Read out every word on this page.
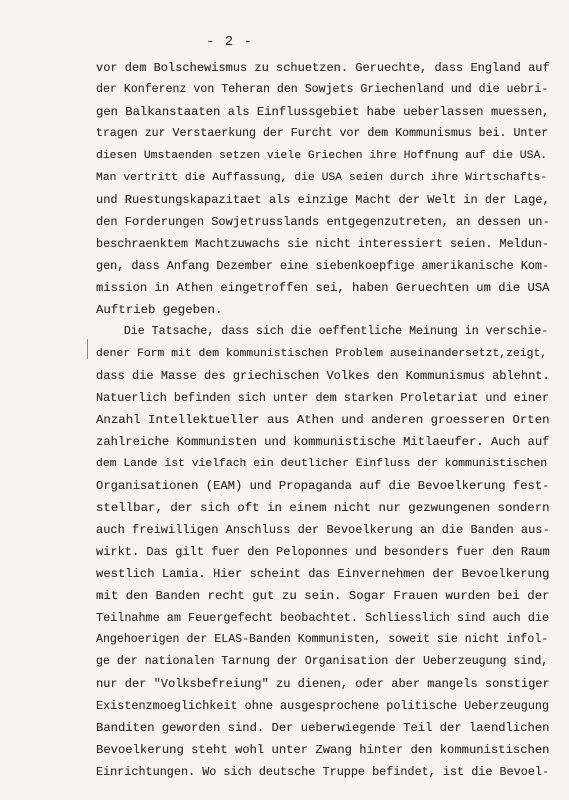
- 2 -
vor dem Bolschewismus zu schuetzen. Geruechte, dass England auf
der Konferenz von Teheran den Sowjets Griechenland und die uebri-
gen Balkanstaaten als Einflussgebiet habe ueberlassen muessen,
tragen zur Verstaerkung der Furcht vor dem Kommunismus bei. Unter
diesen Umstaenden setzen viele Griechen ihre Hoffnung auf die USA.
Man vertritt die Auffassung, die USA seien durch ihre Wirtschafts-
und Ruestungskapazitaet als einzige Macht der Welt in der Lage,
den Forderungen Sowjetrusslands entgegenzutreten, an dessen un-
beschraenktem Machtzuwachs sie nicht interessiert seien. Meldun-
gen, dass Anfang Dezember eine siebenkoepfige amerikanische Kom-
mission in Athen eingetroffen sei, haben Geruechten um die USA
Auftrieb gegeben.
Die Tatsache, dass sich die oeffentliche Meinung in verschie-
dener Form mit dem kommunistischen Problem auseinandersetzt,zeigt,
dass die Masse des griechischen Volkes den Kommunismus ablehnt.
Natuerlich befinden sich unter dem starken Proletariat und einer
Anzahl Intellektueller aus Athen und anderen groesseren Orten
zahlreiche Kommunisten und kommunistische Mitlaeufer. Auch auf
dem Lande ist vielfach ein deutlicher Einfluss der kommunistischen
Organisationen (EAM) und Propaganda auf die Bevoelkerung fest-
stellbar, der sich oft in einem nicht nur gezwungenen sondern
auch freiwilligen Anschluss der Bevoelkerung an die Banden aus-
wirkt. Das gilt fuer den Peloponnes und besonders fuer den Raum
westlich Lamia. Hier scheint das Einvernehmen der Bevoelkerung
mit den Banden recht gut zu sein. Sogar Frauen wurden bei der
Teilnahme am Feuergefecht beobachtet. Schliesslich sind auch die
Angehoerigen der ELAS-Banden Kommunisten, soweit sie nicht infol-
ge der nationalen Tarnung der Organisation der Ueberzeugung sind,
nur der "Volksbefreiung" zu dienen, oder aber mangels sonstiger
Existenzmoeglichkeit ohne ausgesprochene politische Ueberzeugung
Banditen geworden sind. Der ueberwiegende Teil der laendlichen
Bevoelkerung steht wohl unter Zwang hinter den kommunistischen
Einrichtungen. Wo sich deutsche Truppe befindet, ist die Bevoel-
